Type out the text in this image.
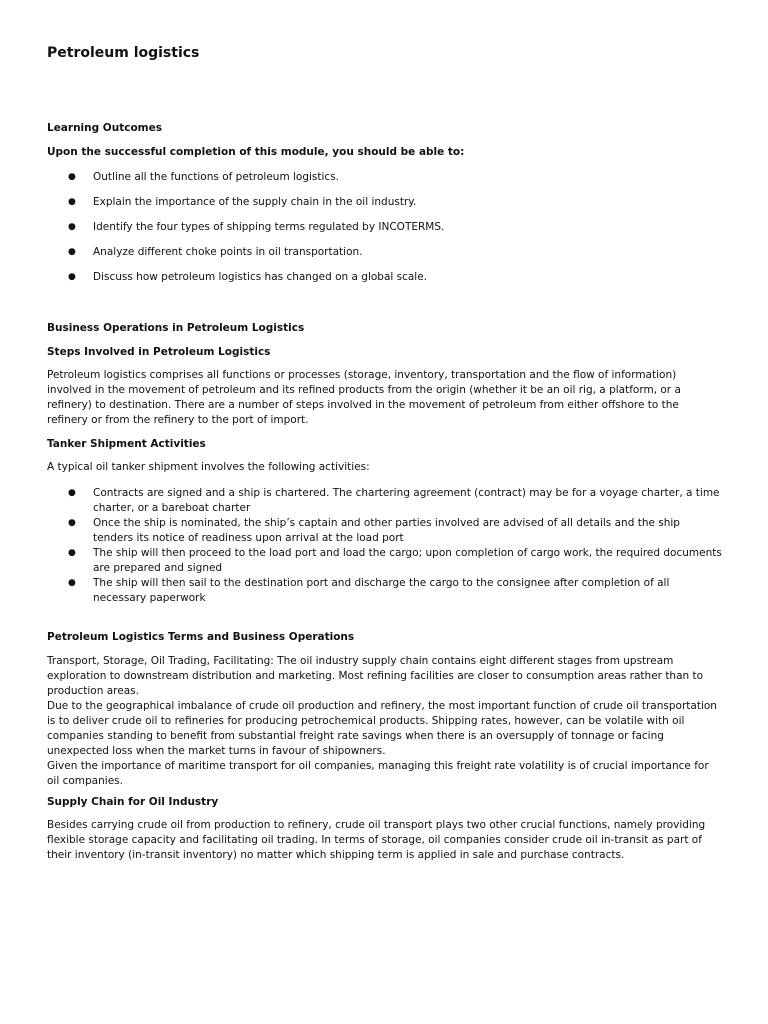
Petroleum logistics
Learning Outcomes
Upon the successful completion of this module, you should be able to:
● Outline all the functions of petroleum logistics.
● Explain the importance of the supply chain in the oil industry.
● Identify the four types of shipping terms regulated by INCOTERMS.
● Analyze different choke points in oil transportation.
● Discuss how petroleum logistics has changed on a global scale.
Business Operations in Petroleum Logistics
Steps Involved in Petroleum Logistics

Petroleum logistics comprises all functions or processes (storage, inventory, transportation and the flow of information) involved in the movement of petroleum and its refined products from the origin (whether it be an oil rig, a platform, or a refinery) to destination. There are a number of steps involved in the movement of petroleum from either offshore to the refinery or from the refinery to the port of import.

Tanker Shipment Activities

A typical oil tanker shipment involves the following activities:

● Contracts are signed and a ship is chartered. The chartering agreement (contract) may be for a voyage charter, a time charter, or a bareboat charter
● Once the ship is nominated, the ship’s captain and other parties involved are advised of all details and the ship tenders its notice of readiness upon arrival at the load port
● The ship will then proceed to the load port and load the cargo; upon completion of cargo work, the required documents are prepared and signed
● The ship will then sail to the destination port and discharge the cargo to the consignee after completion of all necessary paperwork
Petroleum Logistics Terms and Business Operations
Transport, Storage, Oil Trading, Facilitating: The oil industry supply chain contains eight different stages from upstream exploration to downstream distribution and marketing. Most refining facilities are closer to consumption areas rather than to production areas.
Due to the geographical imbalance of crude oil production and refinery, the most important function of crude oil transportation is to deliver crude oil to refineries for producing petrochemical products. Shipping rates, however, can be volatile with oil companies standing to benefit from substantial freight rate savings when there is an oversupply of tonnage or facing unexpected loss when the market turns in favour of shipowners.
Given the importance of maritime transport for oil companies, managing this freight rate volatility is of crucial importance for oil companies.
Supply Chain for Oil Industry

Besides carrying crude oil from production to refinery, crude oil transport plays two other crucial functions, namely providing flexible storage capacity and facilitating oil trading. In terms of storage, oil companies consider crude oil in-transit as part of their inventory (in-transit inventory) no matter which shipping term is applied in sale and purchase contracts.
